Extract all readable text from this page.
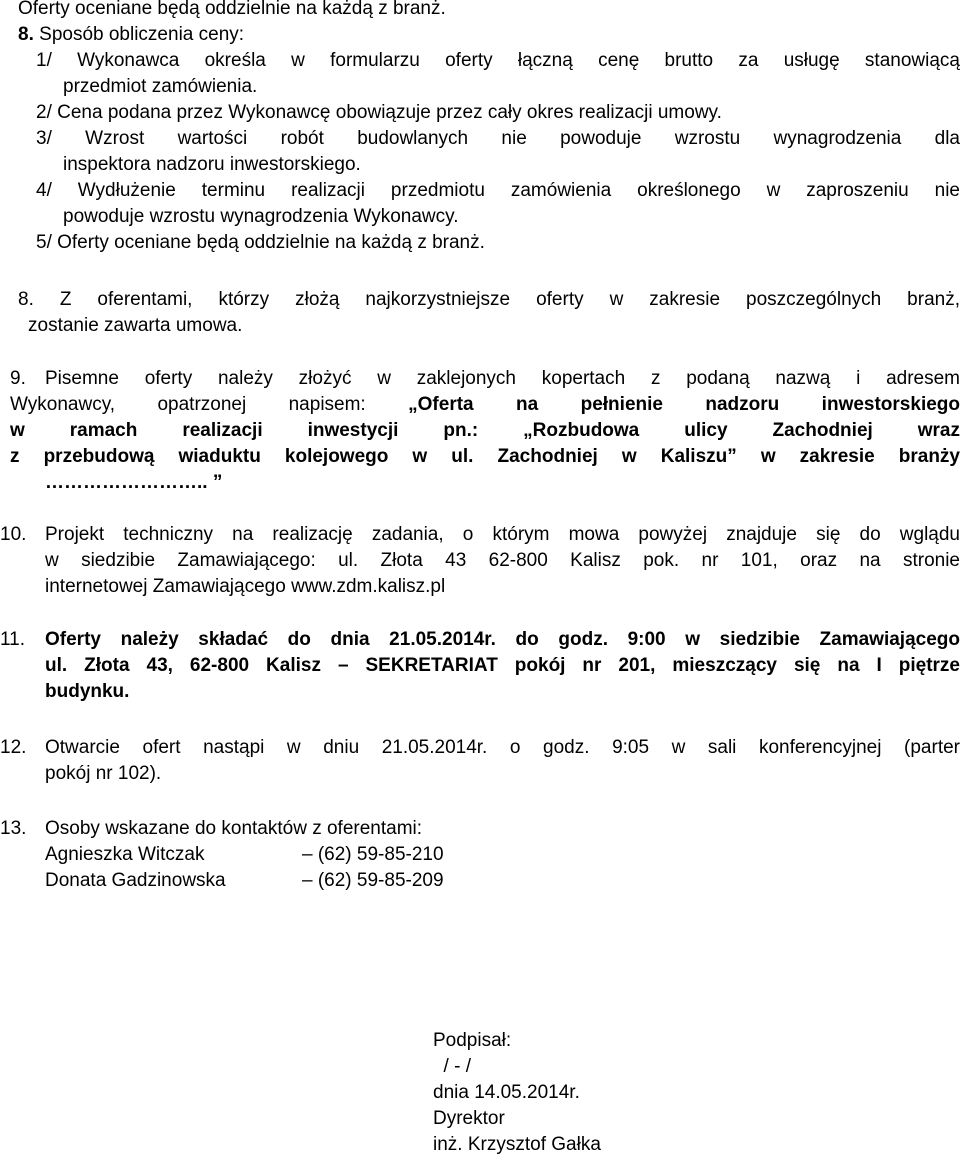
Oferty oceniane będą oddzielnie na każdą z branż.
8. Sposób obliczenia ceny:
1/ Wykonawca określa w formularzu oferty łączną cenę brutto za usługę stanowiącą
przedmiot zamówienia.
2/ Cena podana przez Wykonawcę obowiązuje przez cały okres realizacji umowy.
3/ Wzrost wartości robót budowlanych nie powoduje wzrostu wynagrodzenia dla
inspektora nadzoru inwestorskiego.
4/ Wydłużenie terminu realizacji przedmiotu zamówienia określonego w zaproszeniu nie
powoduje wzrostu wynagrodzenia Wykonawcy.
5/ Oferty oceniane będą oddzielnie na każdą z branż.
8. Z oferentami, którzy złożą najkorzystniejsze oferty w zakresie poszczególnych branż,
zostanie zawarta umowa.
9. Pisemne oferty należy złożyć w zaklejonych kopertach z podaną nazwą i adresem
Wykonawcy, opatrzonej napisem: „Oferta na pełnienie nadzoru inwestorskiego
w ramach realizacji inwestycji pn.: „Rozbudowa ulicy Zachodniej wraz
z przebudową wiaduktu kolejowego w ul. Zachodniej w Kaliszu” w zakresie branży
…………………….. ”
10. Projekt techniczny na realizację zadania, o którym mowa powyżej znajduje się do wglądu
w siedzibie Zamawiającego: ul. Złota 43 62-800 Kalisz pok. nr 101, oraz na stronie
internetowej Zamawiającego www.zdm.kalisz.pl
11. Oferty należy składać do dnia 21.05.2014r. do godz. 9:00 w siedzibie Zamawiającego
ul. Złota 43, 62-800 Kalisz – SEKRETARIAT pokój nr 201, mieszczący się na I piętrze
budynku.
12. Otwarcie ofert nastąpi w dniu 21.05.2014r. o godz. 9:05 w sali konferencyjnej (parter
pokój nr 102).
13. Osoby wskazane do kontaktów z oferentami:
Agnieszka Witczak	– (62) 59-85-210
Donata Gadzinowska	– (62) 59-85-209
Podpisał:
/ - /
dnia 14.05.2014r.
Dyrektor
inż. Krzysztof Gałka
